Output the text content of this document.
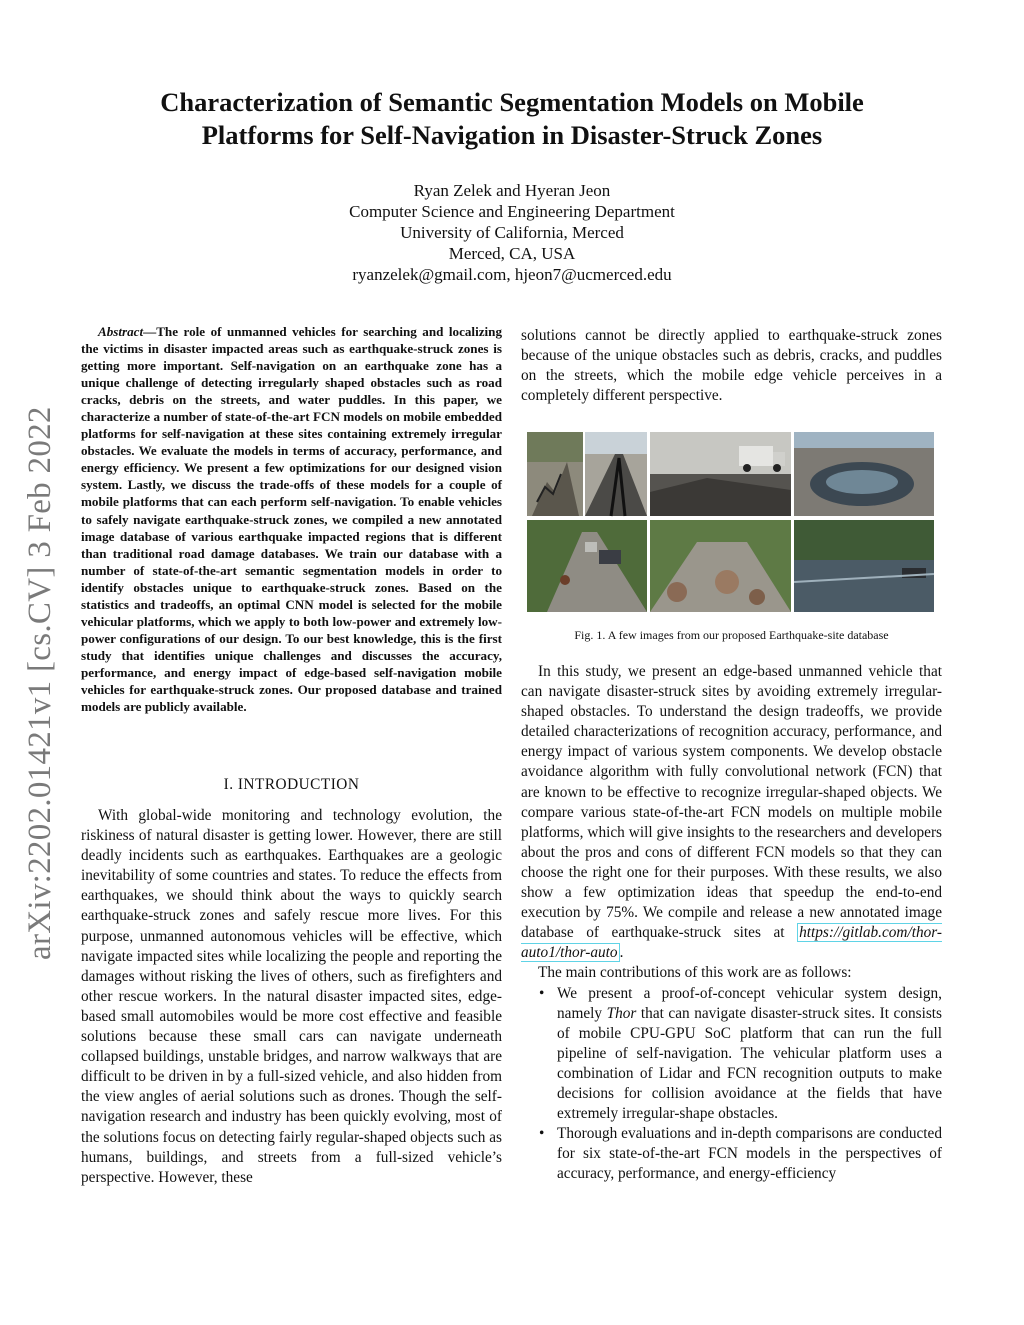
arXiv:2202.01421v1 [cs.CV] 3 Feb 2022
Characterization of Semantic Segmentation Models on Mobile
Platforms for Self-Navigation in Disaster-Struck Zones
Ryan Zelek and Hyeran Jeon
Computer Science and Engineering Department
University of California, Merced
Merced, CA, USA
ryanzelek@gmail.com, hjeon7@ucmerced.edu

Abstract—The role of unmanned vehicles for searching and localizing the victims in disaster impacted areas such as earthquake-struck zones is getting more important. Self-navigation on an earthquake zone has a unique challenge of detecting irregularly shaped obstacles such as road cracks, debris on the streets, and water puddles. In this paper, we characterize a number of state-of-the-art FCN models on mobile embedded platforms for self-navigation at these sites containing extremely irregular obstacles. We evaluate the models in terms of accuracy, performance, and energy efficiency. We present a few optimizations for our designed vision system. Lastly, we discuss the trade-offs of these models for a couple of mobile platforms that can each perform self-navigation. To enable vehicles to safely navigate earthquake-struck zones, we compiled a new annotated image database of various earthquake impacted regions that is different than traditional road damage databases. We train our database with a number of state-of-the-art semantic segmentation models in order to identify obstacles unique to earthquake-struck zones. Based on the statistics and tradeoffs, an optimal CNN model is selected for the mobile vehicular platforms, which we apply to both low-power and extremely low-power configurations of our design. To our best knowledge, this is the first study that identifies unique challenges and discusses the accuracy, performance, and energy impact of edge-based self-navigation mobile vehicles for earthquake-struck zones. Our proposed database and trained models are publicly available.

I. INTRODUCTION

With global-wide monitoring and technology evolution, the riskiness of natural disaster is getting lower. However, there are still deadly incidents such as earthquakes. Earthquakes are a geologic inevitability of some countries and states. To reduce the effects from earthquakes, we should think about the ways to quickly search earthquake-struck zones and safely rescue more lives. For this purpose, unmanned autonomous vehicles will be effective, which navigate impacted sites while localizing the people and reporting the damages without risking the lives of others, such as firefighters and other rescue workers. In the natural disaster impacted sites, edge-based small automobiles would be more cost effective and feasible solutions because these small cars can navigate underneath collapsed buildings, unstable bridges, and narrow walkways that are difficult to be driven in by a full-sized vehicle, and also hidden from the view angles of aerial solutions such as drones. Though the self-navigation research and industry has been quickly evolving, most of the solutions focus on detecting fairly regular-shaped objects such as humans, buildings, and streets from a full-sized vehicle’s perspective. However, these

solutions cannot be directly applied to earthquake-struck zones because of the unique obstacles such as debris, cracks, and puddles on the streets, which the mobile edge vehicle perceives in a completely different perspective.

Fig. 1. A few images from our proposed Earthquake-site database

In this study, we present an edge-based unmanned vehicle that can navigate disaster-struck sites by avoiding extremely irregular-shaped obstacles. To understand the design tradeoffs, we provide detailed characterizations of recognition accuracy, performance, and energy impact of various system components. We develop obstacle avoidance algorithm with fully convolutional network (FCN) that are known to be effective to recognize irregular-shaped objects. We compare various state-of-the-art FCN models on multiple mobile platforms, which will give insights to the researchers and developers about the pros and cons of different FCN models so that they can choose the right one for their purposes. With these results, we also show a few optimization ideas that speedup the end-to-end execution by 75%. We compile and release a new annotated image database of earthquake-struck sites at https://gitlab.com/thor-auto1/thor-auto .

The main contributions of this work are as follows:

• We present a proof-of-concept vehicular system design, namely Thor that can navigate disaster-struck sites. It consists of mobile CPU-GPU SoC platform that can run the full pipeline of self-navigation. The vehicular platform uses a combination of Lidar and FCN recognition outputs to make decisions for collision avoidance at the fields that have extremely irregular-shape obstacles.
• Thorough evaluations and in-depth comparisons are conducted for six state-of-the-art FCN models in the perspectives of accuracy, performance, and energy-efficiency
